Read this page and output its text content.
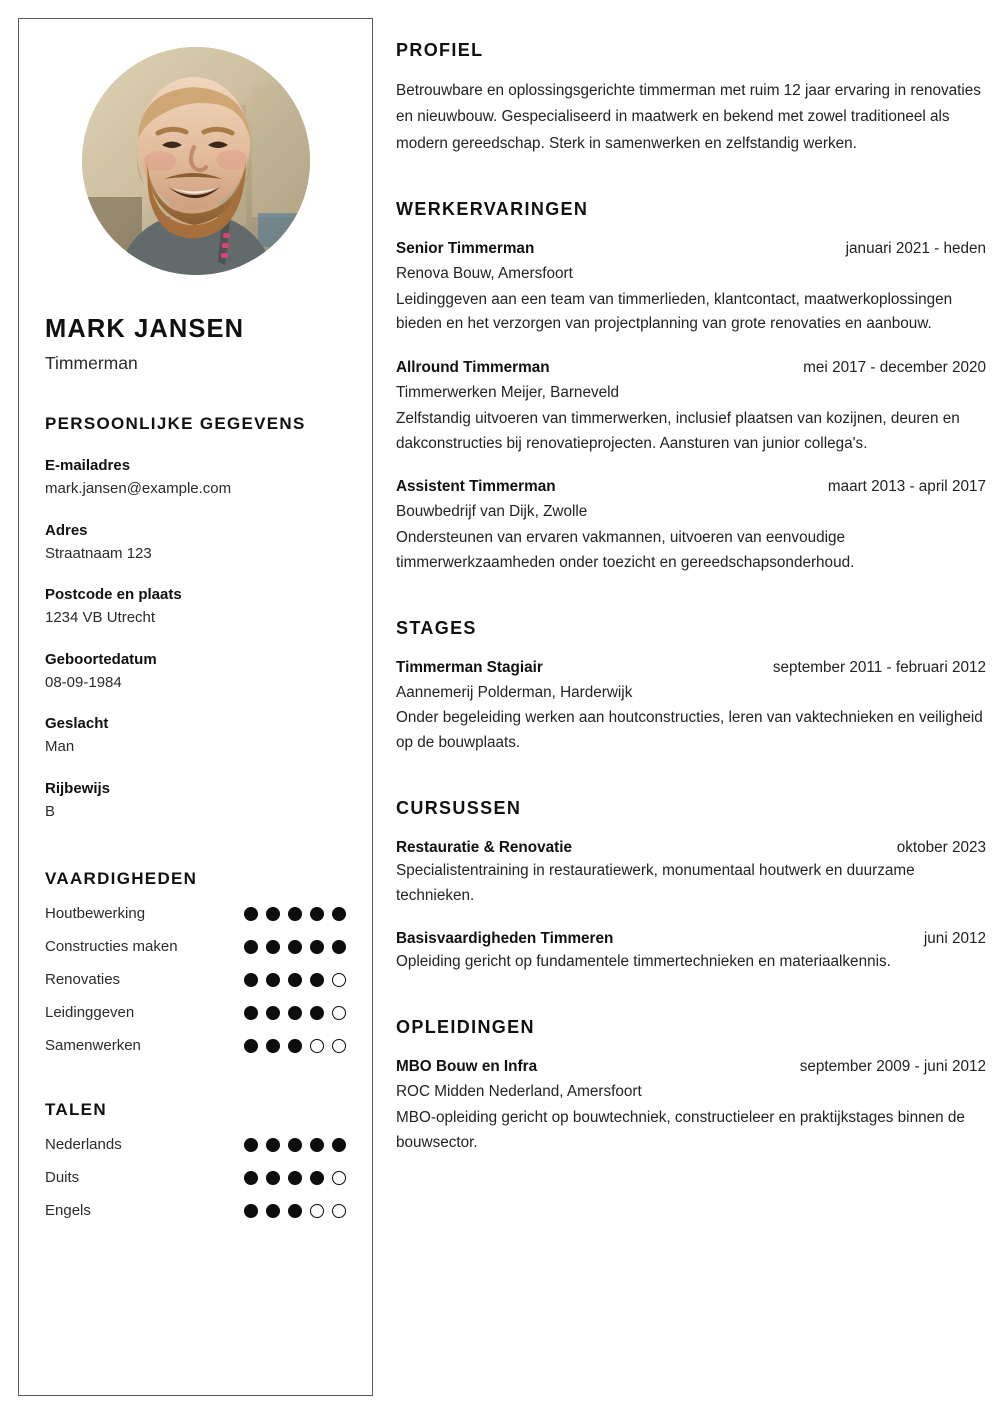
MARK JANSEN
Timmerman
PERSOONLIJKE GEGEVENS
E-mailadres
mark.jansen@example.com
Adres
Straatnaam 123
Postcode en plaats
1234 VB Utrecht
Geboortedatum
08-09-1984
Geslacht
Man
Rijbewijs
B
VAARDIGHEDEN
Houtbewerking
Constructies maken
Renovaties
Leidinggeven
Samenwerken
TALEN
Nederlands
Duits
Engels
PROFIEL

Betrouwbare en oplossingsgerichte timmerman met ruim 12 jaar ervaring in renovaties en nieuwbouw. Gespecialiseerd in maatwerk en bekend met zowel traditioneel als modern gereedschap. Sterk in samenwerken en zelfstandig werken.

WERKERVARINGEN
Senior Timmerman	januari 2021 - heden
Renova Bouw, Amersfoort
Leidinggeven aan een team van timmerlieden, klantcontact, maatwerkoplossingen bieden en het verzorgen van projectplanning van grote renovaties en aanbouw.
Allround Timmerman	mei 2017 - december 2020
Timmerwerken Meijer, Barneveld
Zelfstandig uitvoeren van timmerwerken, inclusief plaatsen van kozijnen, deuren en dakconstructies bij renovatieprojecten. Aansturen van junior collega's.
Assistent Timmerman	maart 2013 - april 2017
Bouwbedrijf van Dijk, Zwolle
Ondersteunen van ervaren vakmannen, uitvoeren van eenvoudige timmerwerkzaamheden onder toezicht en gereedschapsonderhoud.
STAGES
Timmerman Stagiair	september 2011 - februari 2012
Aannemerij Polderman, Harderwijk
Onder begeleiding werken aan houtconstructies, leren van vaktechnieken en veiligheid op de bouwplaats.
CURSUSSEN
Restauratie & Renovatie	oktober 2023
Specialistentraining in restauratiewerk, monumentaal houtwerk en duurzame technieken.
Basisvaardigheden Timmeren	juni 2012
Opleiding gericht op fundamentele timmertechnieken en materiaalkennis.
OPLEIDINGEN
MBO Bouw en Infra	september 2009 - juni 2012
ROC Midden Nederland, Amersfoort
MBO-opleiding gericht op bouwtechniek, constructieleer en praktijkstages binnen de bouwsector.
